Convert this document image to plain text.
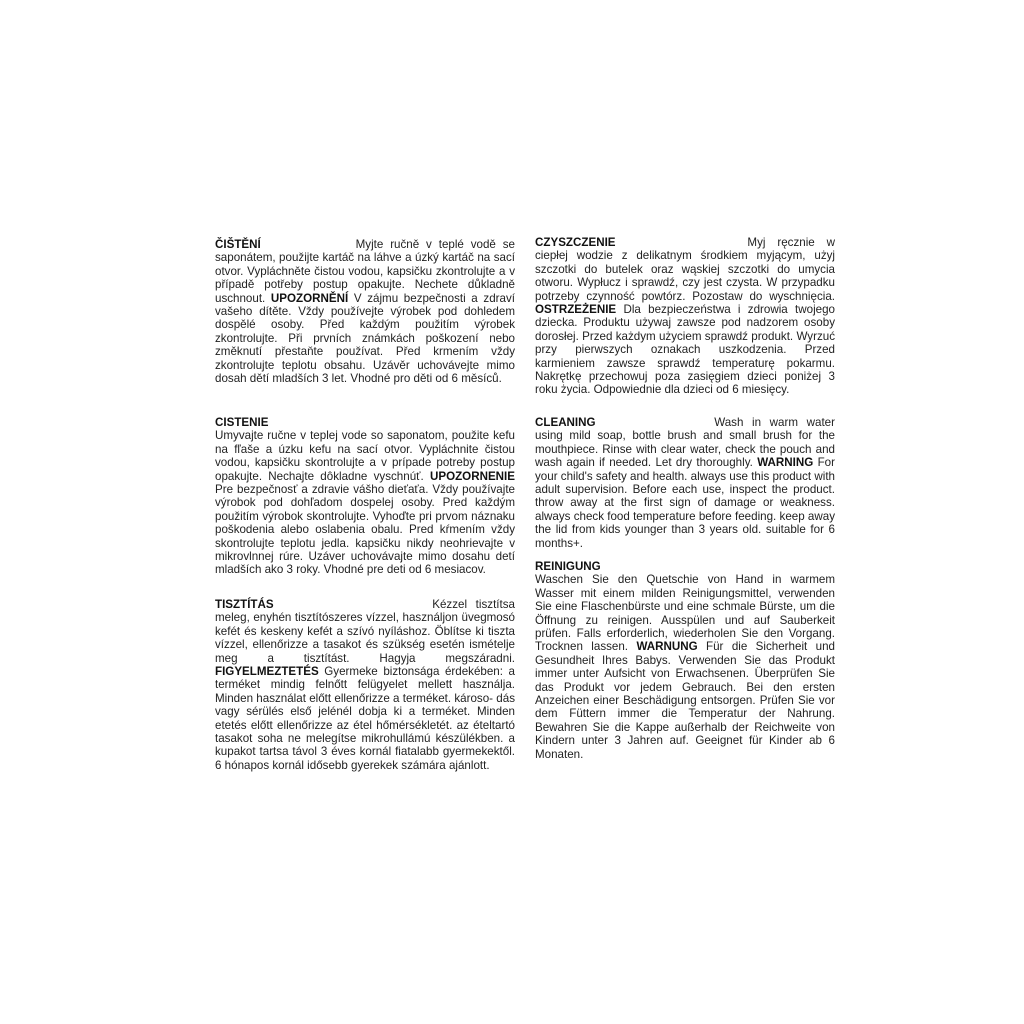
ČIŠTĚNÍ	Myjte ručně v teplé vodě se saponátem, použijte kartáč na láhve a úzký kartáč na sací otvor. Vypláchněte čistou vodou, kapsičku zkontrolujte a v případě potřeby postup opakujte. Nechete důkladně uschnout. UPOZORNĚNÍ V zájmu bezpečnosti a zdraví vašeho dítěte. Vždy používejte výrobek pod dohledem dospělé osoby. Před každým použitím výrobek zkontrolujte. Při prvních známkách poškození nebo změknutí přestaňte používat. Před krmením vždy zkontrolujte teplotu obsahu. Uzávěr uchovávejte mimo dosah dětí mladších 3 let. Vhodné pro děti od 6 měsíců.
CISTENIE
Umyvajte ručne v teplej vode so saponatom, použite kefu na fľaše a úzku kefu na sací otvor. Vypláchnite čistou vodou, kapsičku skontrolujte a v prípade potreby postup opakujte. Nechajte dôkladne vyschnúť. UPOZORNENIE Pre bezpečnosť a zdravie vášho dieťaťa. Vždy používajte výrobok pod dohľadom dospelej osoby. Pred každým použitím výrobok skontrolujte. Vyhoďte pri prvom náznaku poškodenia alebo oslabenia obalu. Pred kŕmením vždy skontrolujte teplotu jedla. kapsičku nikdy neohrievajte v mikrovlnnej rúre. Uzáver uchovávajte mimo dosahu detí mladších ako 3 roky. Vhodné pre deti od 6 mesiacov.
TISZTÍTÁS	Kézzel tisztítsa meleg, enyhén tisztítószeres vízzel, használjon üvegmosó kefét és keskeny kefét a szívó nyíláshoz. Öblítse ki tiszta vízzel, ellenőrizze a tasakot és szükség esetén ismételje meg a tisztítást. Hagyja megszáradni. FIGYELMEZTETÉS Gyermeke biztonsága érdekében: a terméket mindig felnőtt felügyelet mellett használja. Minden használat előtt ellenőrizze a terméket. károso- dás vagy sérülés első jelénél dobja ki a terméket. Minden etetés előtt ellenőrizze az étel hőmérsékletét. az ételtartó tasakot soha ne melegítse mikrohullámú készülékben. a kupakot tartsa távol 3 éves kornál fiatalabb gyermekektől. 6 hónapos kornál idősebb gyerekek számára ajánlott.
CZYSZCZENIE	Myj ręcznie w ciepłej wodzie z delikatnym środkiem myjącym, użyj szczotki do butelek oraz wąskiej szczotki do umycia otworu. Wypłucz i sprawdź, czy jest czysta. W przypadku potrzeby czynność powtórz. Pozostaw do wyschnięcia. OSTRZEŻENIE Dla bezpieczeństwa i zdrowia twojego dziecka. Produktu używaj zawsze pod nadzorem osoby dorosłej. Przed każdym użyciem sprawdź produkt. Wyrzuć przy pierwszych oznakach uszkodzenia. Przed karmieniem zawsze sprawdź temperaturę pokarmu. Nakrętkę przechowuj poza zasięgiem dzieci poniżej 3 roku życia. Odpowiednie dla dzieci od 6 miesięcy.
CLEANING	Wash in warm water using mild soap, bottle brush and small brush for the mouthpiece. Rinse with clear water, check the pouch and wash again if needed. Let dry thoroughly. WARNING For your child's safety and health. always use this product with adult supervision. Before each use, inspect the product. throw away at the first sign of damage or weakness. always check food temperature before feeding. keep away the lid from kids younger than 3 years old. suitable for 6 months+.
REINIGUNG
Waschen Sie den Quetschie von Hand in warmem Wasser mit einem milden Reinigungsmittel, verwenden Sie eine Flaschenbürste und eine schmale Bürste, um die Öffnung zu reinigen. Ausspülen und auf Sauberkeit prüfen. Falls erforderlich, wiederholen Sie den Vorgang. Trocknen lassen. WARNUNG Für die Sicherheit und Gesundheit Ihres Babys. Verwenden Sie das Produkt immer unter Aufsicht von Erwachsenen. Überprüfen Sie das Produkt vor jedem Gebrauch. Bei den ersten Anzeichen einer Beschädigung entsorgen. Prüfen Sie vor dem Füttern immer die Temperatur der Nahrung. Bewahren Sie die Kappe außerhalb der Reichweite von Kindern unter 3 Jahren auf. Geeignet für Kinder ab 6 Monaten.
